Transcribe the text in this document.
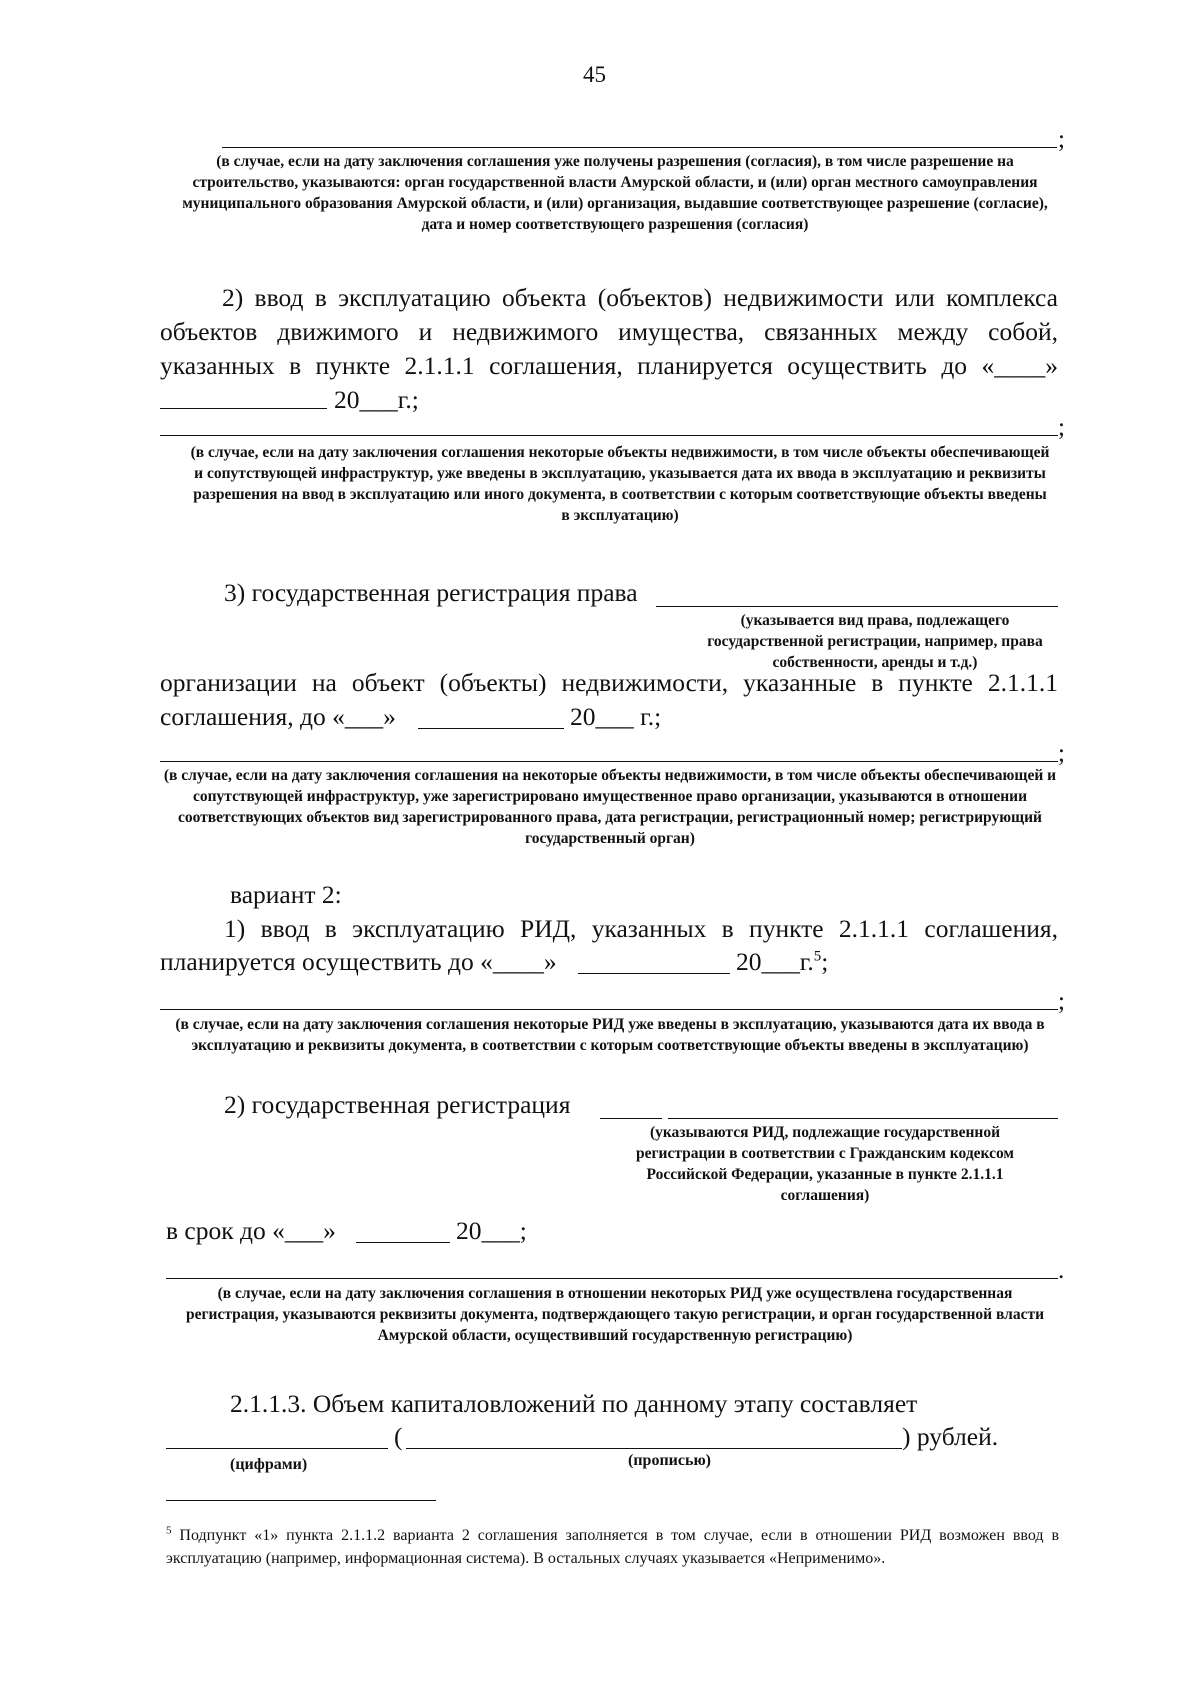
45
;
(в случае, если на дату заключения соглашения уже получены разрешения (согласия), в том числе разрешение на строительство, указываются: орган государственной власти Амурской области, и (или) орган местного самоуправления муниципального образования Амурской области, и (или) организация, выдавшие соответствующее разрешение (согласие), дата и номер соответствующего разрешения (согласия)
2) ввод в эксплуатацию объекта (объектов) недвижимости или комплекса
объектов движимого и недвижимого имущества, связанных между собой,
указанных в пункте 2.1.1.1 соглашения, планируется осуществить до «____»
20___г.;
;
(в случае, если на дату заключения соглашения некоторые объекты недвижимости, в том числе объекты обеспечивающей и сопутствующей инфраструктур, уже введены в эксплуатацию, указывается дата их ввода в эксплуатацию и реквизиты разрешения на ввод в эксплуатацию или иного документа, в соответствии с которым соответствующие объекты введены в эксплуатацию)
3) государственная регистрация права
(указывается вид права, подлежащего государственной регистрации, например, права собственности, аренды и т.д.)
организации на объект (объекты) недвижимости, указанные в пункте 2.1.1.1
соглашения, до «___»	20___ г.;
;
(в случае, если на дату заключения соглашения на некоторые объекты недвижимости, в том числе объекты обеспечивающей и сопутствующей инфраструктур, уже зарегистрировано имущественное право организации, указываются в отношении соответствующих объектов вид зарегистрированного права, дата регистрации, регистрационный номер; регистрирующий государственный орган)
вариант 2:
1) ввод в эксплуатацию РИД, указанных в пункте 2.1.1.1 соглашения,
планируется осуществить до «____»	20___г.$^5$;
;
(в случае, если на дату заключения соглашения некоторые РИД уже введены в эксплуатацию, указываются дата их ввода в эксплуатацию и реквизиты документа, в соответствии с которым соответствующие объекты введены в эксплуатацию)
2) государственная регистрация
(указываются РИД, подлежащие государственной регистрации в соответствии с Гражданским кодексом Российской Федерации, указанные в пункте 2.1.1.1 соглашения)
в срок до «___»	20___;
.
(в случае, если на дату заключения соглашения в отношении некоторых РИД уже осуществлена государственная регистрация, указываются реквизиты документа, подтверждающего такую регистрации, и орган государственной власти Амурской области, осуществивший государственную регистрацию)
2.1.1.3. Объем капиталовложений по данному этапу составляет
(	) рублей.
(цифрами)	(прописью)
$^5$ Подпункт «1» пункта 2.1.1.2 варианта 2 соглашения заполняется в том случае, если в отношении РИД возможен ввод в эксплуатацию (например, информационная система). В остальных случаях указывается «Неприменимо».
